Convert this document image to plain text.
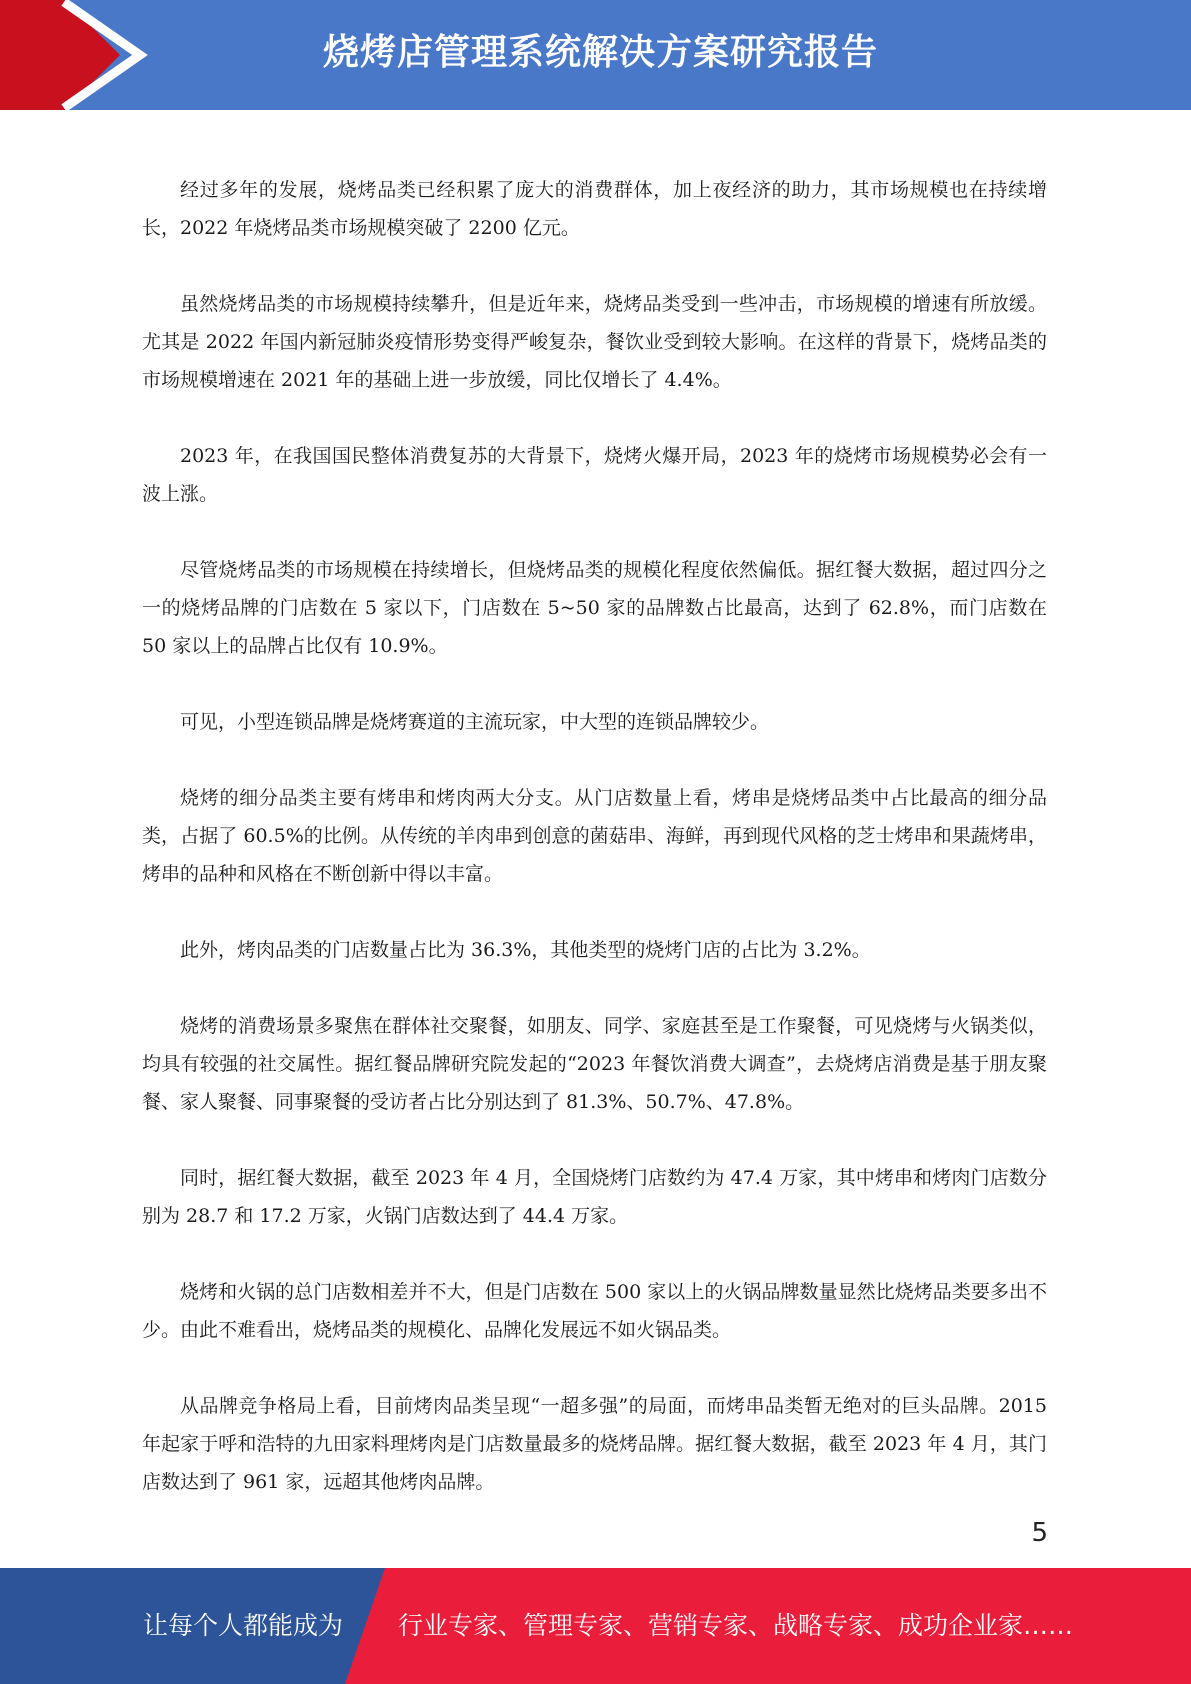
烧烤店管理系统解决方案研究报告

经过多年的发展，烧烤品类已经积累了庞大的消费群体，加上夜经济的助力，其市场规模也在持续增长，2022 年烧烤品类市场规模突破了 2200 亿元。

虽然烧烤品类的市场规模持续攀升，但是近年来，烧烤品类受到一些冲击，市场规模的增速有所放缓。尤其是 2022 年国内新冠肺炎疫情形势变得严峻复杂，餐饮业受到较大影响。在这样的背景下，烧烤品类的市场规模增速在 2021 年的基础上进一步放缓，同比仅增长了 4.4%。

2023 年，在我国国民整体消费复苏的大背景下，烧烤火爆开局，2023 年的烧烤市场规模势必会有一波上涨。

尽管烧烤品类的市场规模在持续增长，但烧烤品类的规模化程度依然偏低。据红餐大数据，超过四分之一的烧烤品牌的门店数在 5 家以下，门店数在 5~50 家的品牌数占比最高，达到了 62.8%，而门店数在 50 家以上的品牌占比仅有 10.9%。

可见，小型连锁品牌是烧烤赛道的主流玩家，中大型的连锁品牌较少。

烧烤的细分品类主要有烤串和烤肉两大分支。从门店数量上看，烤串是烧烤品类中占比最高的细分品类，占据了 60.5%的比例。从传统的羊肉串到创意的菌菇串、海鲜，再到现代风格的芝士烤串和果蔬烤串，烤串的品种和风格在不断创新中得以丰富。

此外，烤肉品类的门店数量占比为 36.3%，其他类型的烧烤门店的占比为 3.2%。

烧烤的消费场景多聚焦在群体社交聚餐，如朋友、同学、家庭甚至是工作聚餐，可见烧烤与火锅类似，均具有较强的社交属性。据红餐品牌研究院发起的“2023 年餐饮消费大调查”，去烧烤店消费是基于朋友聚餐、家人聚餐、同事聚餐的受访者占比分别达到了 81.3%、50.7%、47.8%。

同时，据红餐大数据，截至 2023 年 4 月，全国烧烤门店数约为 47.4 万家，其中烤串和烤肉门店数分别为 28.7 和 17.2 万家，火锅门店数达到了 44.4 万家。

烧烤和火锅的总门店数相差并不大，但是门店数在 500 家以上的火锅品牌数量显然比烧烤品类要多出不少。由此不难看出，烧烤品类的规模化、品牌化发展远不如火锅品类。

从品牌竞争格局上看，目前烤肉品类呈现“一超多强”的局面，而烤串品类暂无绝对的巨头品牌。2015 年起家于呼和浩特的九田家料理烤肉是门店数量最多的烧烤品牌。据红餐大数据，截至 2023 年 4 月，其门店数达到了 961 家，远超其他烤肉品牌。

5
让每个人都能成为 行业专家、管理专家、营销专家、战略专家、成功企业家……
